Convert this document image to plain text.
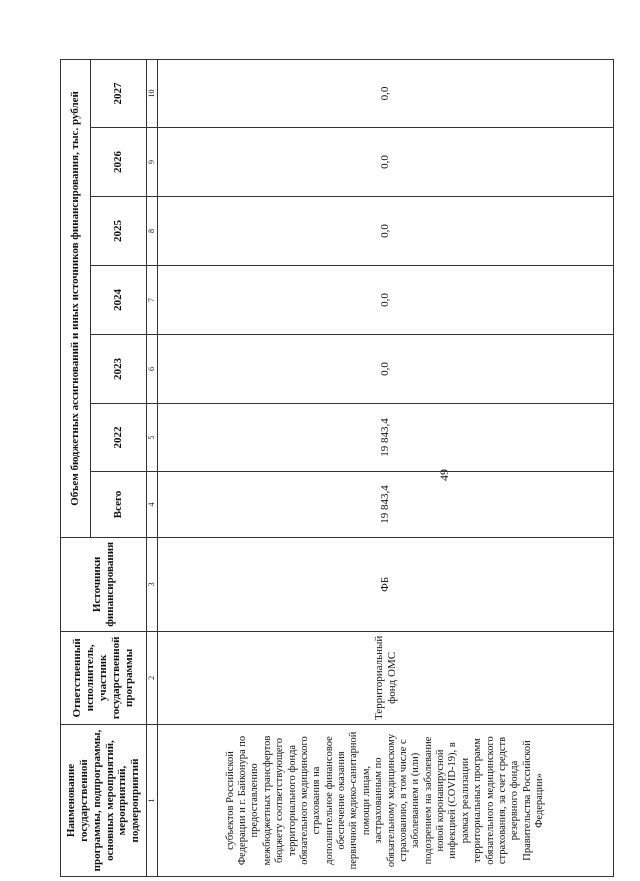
49
Наименование государственной программы, подпрограммы, основных мероприятий, мероприятий, подмероприятий	Ответственный исполнитель, участник государственной программы	Источники финансирования	Объем бюджетных ассигнований и иных источников финансирования, тыс. рублей						
			Всего	2022	2023	2024	2025	2026	2027
1	2	3	4	5	6	7	8	9	10
субъектов Российской Федерации и г. Байконура по предоставлению межбюджетных трансфертов бюджету соответствующего территориального фонда обязательного медицинского страхования на дополнительное финансовое обеспечение оказания первичной медико-санитарной помощи лицам, застрахованным по обязательному медицинскому страхованию, в том числе с заболеванием и (или) подозрением на заболевание новой коронавирусной инфекцией (COVID-19), в рамках реализации территориальных программ обязательного медицинского страхования, за счет средств резервного фонда Правительства Российской Федерации»	Территориальный фонд ОМС	ФБ	19 843,4	19 843,4	0,0	0,0	0,0	0,0	0,0
